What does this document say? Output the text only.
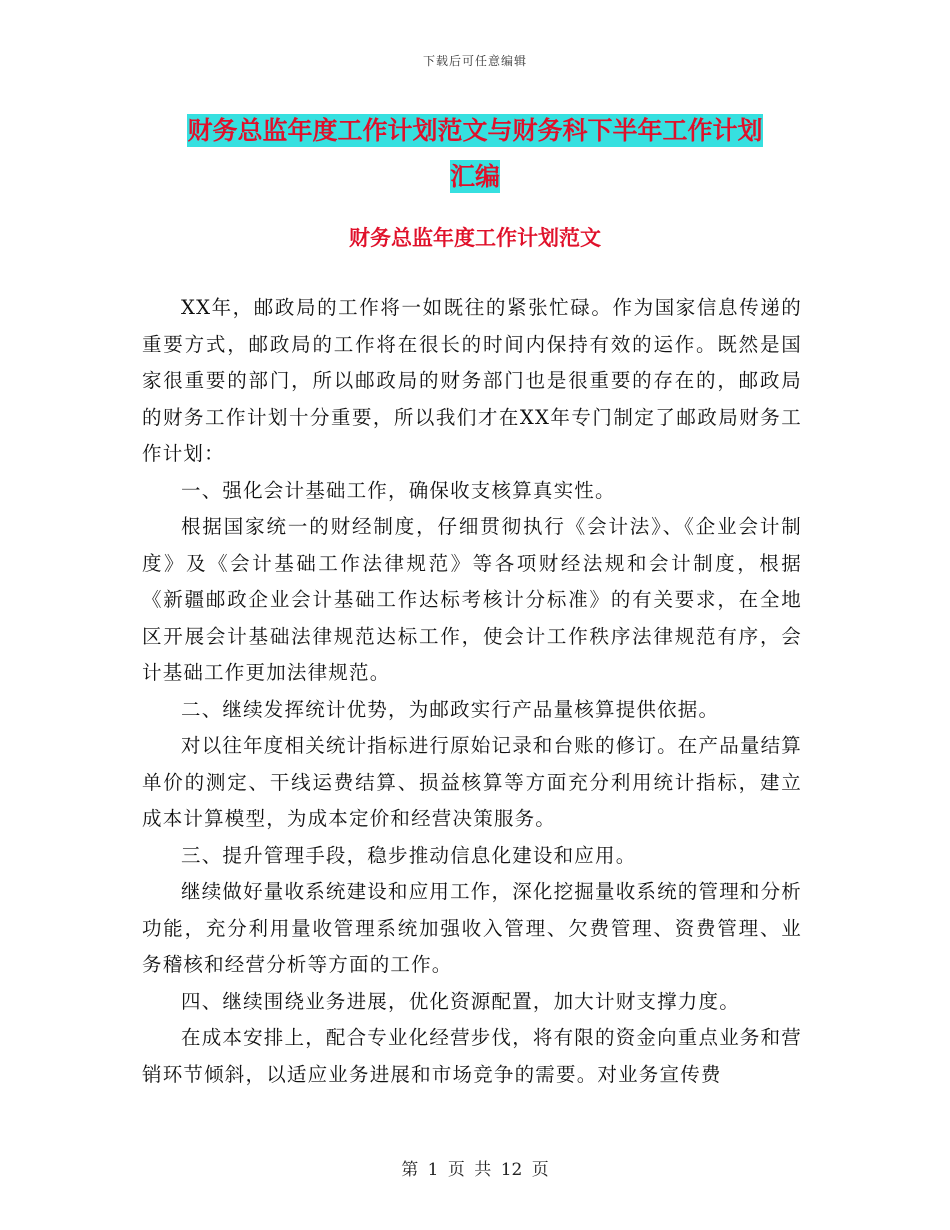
下载后可任意编辑
财务总监年度工作计划范文与财务科下半年工作计划
汇编
财务总监年度工作计划范文

XX年，邮政局的工作将一如既往的紧张忙碌。作为国家信息传递的重要方式，邮政局的工作将在很长的时间内保持有效的运作。既然是国家很重要的部门，所以邮政局的财务部门也是很重要的存在的，邮政局的财务工作计划十分重要，所以我们才在XX年专门制定了邮政局财务工作计划：

一、强化会计基础工作，确保收支核算真实性。

根据国家统一的财经制度，仔细贯彻执行《会计法》、《企业会计制度》及《会计基础工作法律规范》等各项财经法规和会计制度，根据《新疆邮政企业会计基础工作达标考核计分标准》的有关要求，在全地区开展会计基础法律规范达标工作，使会计工作秩序法律规范有序，会计基础工作更加法律规范。

二、继续发挥统计优势，为邮政实行产品量核算提供依据。

对以往年度相关统计指标进行原始记录和台账的修订。在产品量结算单价的测定、干线运费结算、损益核算等方面充分利用统计指标，建立成本计算模型，为成本定价和经营决策服务。

三、提升管理手段，稳步推动信息化建设和应用。

继续做好量收系统建设和应用工作，深化挖掘量收系统的管理和分析功能，充分利用量收管理系统加强收入管理、欠费管理、资费管理、业务稽核和经营分析等方面的工作。

四、继续围绕业务进展，优化资源配置，加大计财支撑力度。

在成本安排上，配合专业化经营步伐，将有限的资金向重点业务和营销环节倾斜，以适应业务进展和市场竞争的需要。对业务宣传费

第 1 页 共 12 页
